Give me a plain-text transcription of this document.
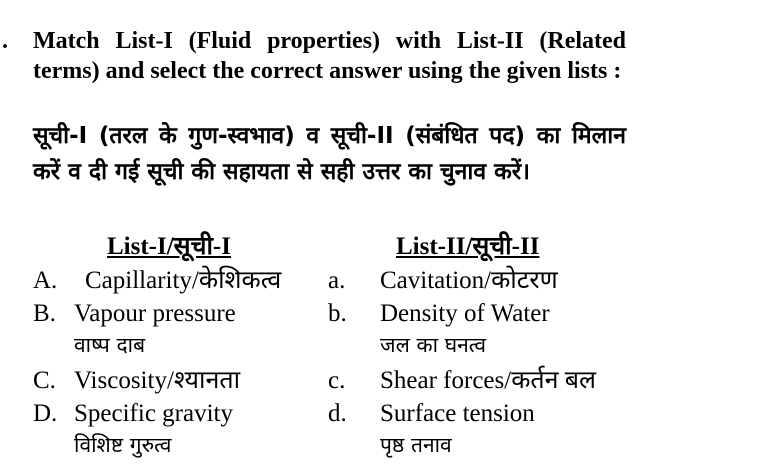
. Match List-I (Fluid properties) with List-II (Related terms) and select the correct answer using the given lists :
सूची-I (तरल के गुण-स्वभाव) व सूची-II (संबंधित पद) का मिलान करें व दी गई सूची की सहायता से सही उत्तर का चुनाव करें।
List-I/सूची-I	List-II/सूची-II
A. Capillarity/केशिकत्व
B. Vapour pressure
वाष्प दाब
C. Viscosity/श्यानता
D. Specific gravity
विशिष्ट गुरुत्व
a. Cavitation/कोटरण
b. Density of Water
जल का घनत्व
c. Shear forces/कर्तन बल
d. Surface tension
पृष्ठ तनाव
